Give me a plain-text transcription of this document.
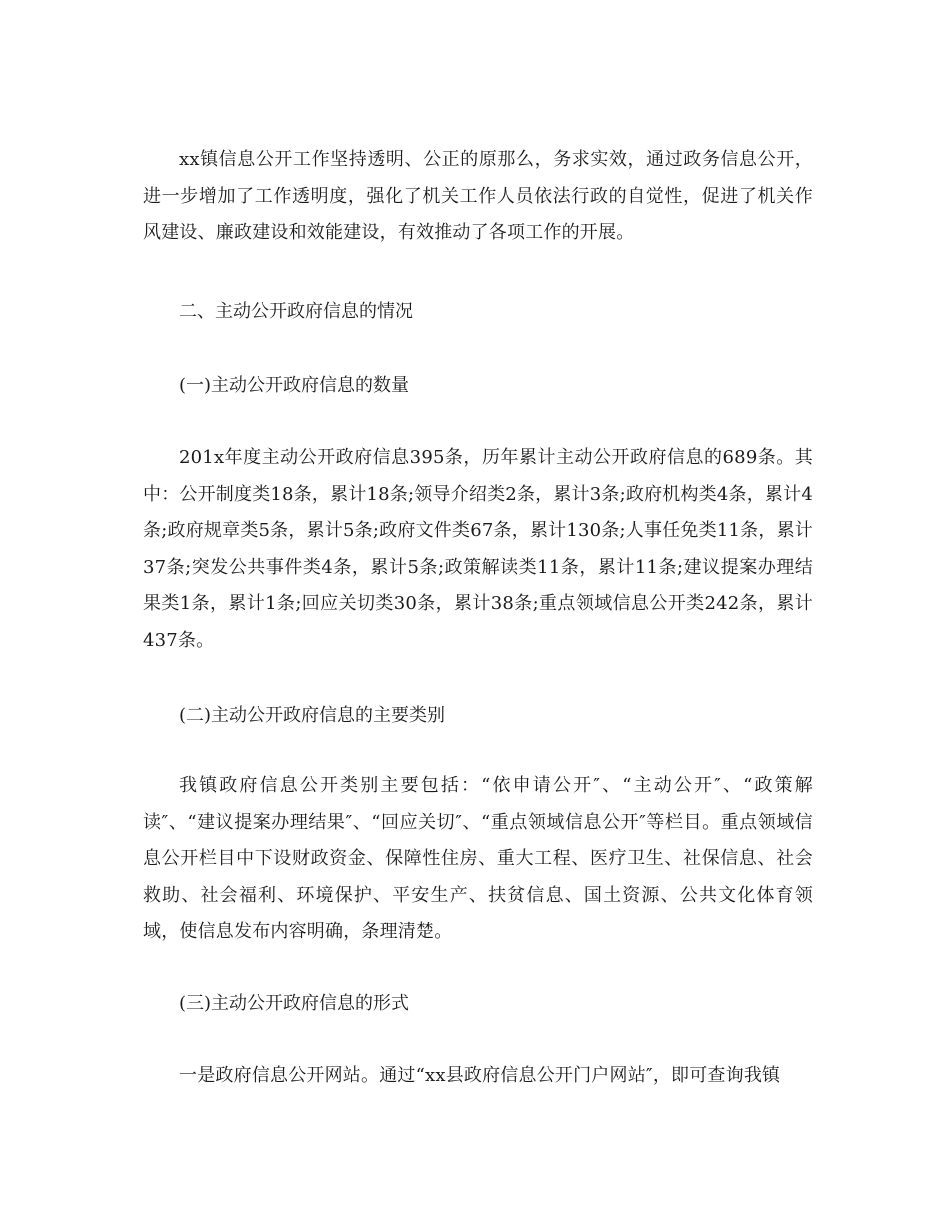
xx镇信息公开工作坚持透明、公正的原那么，务求实效，通过政务信息公开，进一步增加了工作透明度，强化了机关工作人员依法行政的自觉性，促进了机关作风建设、廉政建设和效能建设，有效推动了各项工作的开展。

二、主动公开政府信息的情况

(一)主动公开政府信息的数量

201x年度主动公开政府信息395条，历年累计主动公开政府信息的689条。其中：公开制度类18条，累计18条;领导介绍类2条，累计3条;政府机构类4条，累计4条;政府规章类5条，累计5条;政府文件类67条，累计130条;人事任免类11条，累计37条;突发公共事件类4条，累计5条;政策解读类11条，累计11条;建议提案办理结果类1条，累计1条;回应关切类30条，累计38条;重点领域信息公开类242条，累计437条。

(二)主动公开政府信息的主要类别

我镇政府信息公开类别主要包括：“依申请公开″、“主动公开″、“政策解读″、“建议提案办理结果″、“回应关切″、“重点领域信息公开″等栏目。重点领域信息公开栏目中下设财政资金、保障性住房、重大工程、医疗卫生、社保信息、社会救助、社会福利、环境保护、平安生产、扶贫信息、国土资源、公共文化体育领域，使信息发布内容明确，条理清楚。

(三)主动公开政府信息的形式

一是政府信息公开网站。通过“xx县政府信息公开门户网站″，即可查询我镇
